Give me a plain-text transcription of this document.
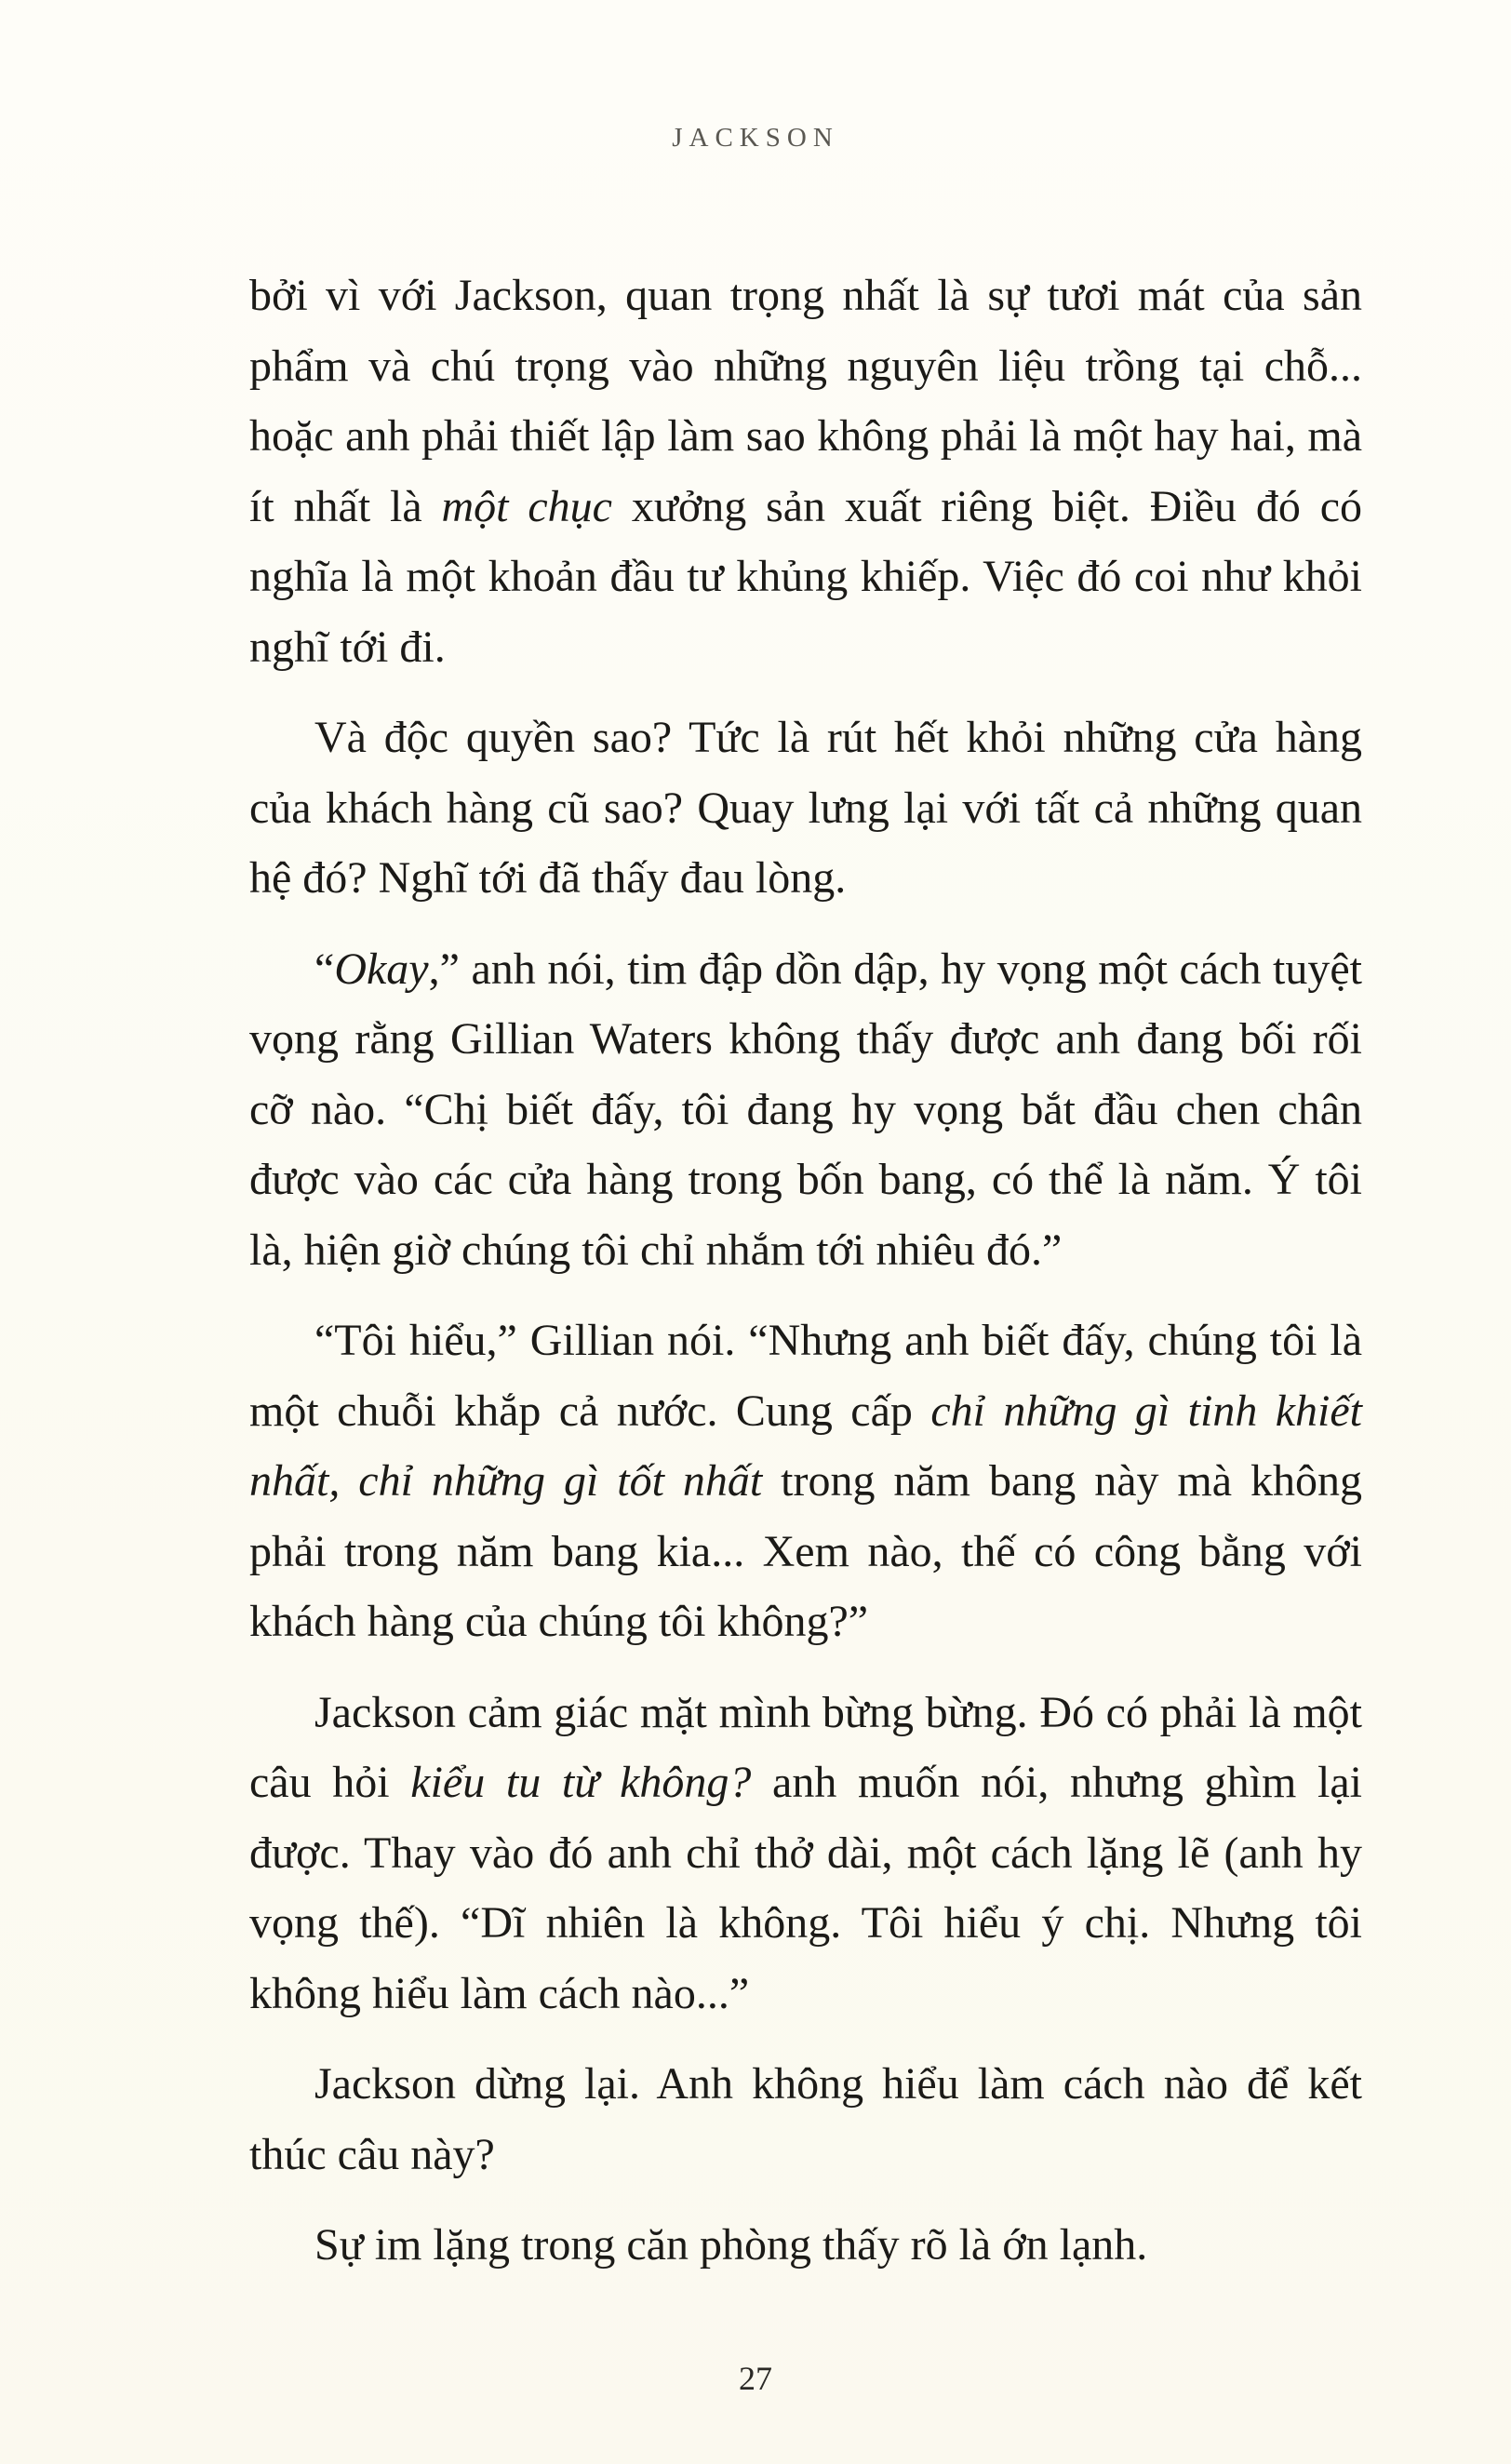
JACKSON

bởi vì với Jackson, quan trọng nhất là sự tươi mát của sản phẩm và chú trọng vào những nguyên liệu trồng tại chỗ... hoặc anh phải thiết lập làm sao không phải là một hay hai, mà ít nhất là một chục xưởng sản xuất riêng biệt. Điều đó có nghĩa là một khoản đầu tư khủng khiếp. Việc đó coi như khỏi nghĩ tới đi.

Và độc quyền sao? Tức là rút hết khỏi những cửa hàng của khách hàng cũ sao? Quay lưng lại với tất cả những quan hệ đó? Nghĩ tới đã thấy đau lòng.

“Okay,” anh nói, tim đập dồn dập, hy vọng một cách tuyệt vọng rằng Gillian Waters không thấy được anh đang bối rối cỡ nào. “Chị biết đấy, tôi đang hy vọng bắt đầu chen chân được vào các cửa hàng trong bốn bang, có thể là năm. Ý tôi là, hiện giờ chúng tôi chỉ nhắm tới nhiêu đó.”

“Tôi hiểu,” Gillian nói. “Nhưng anh biết đấy, chúng tôi là một chuỗi khắp cả nước. Cung cấp chỉ những gì tinh khiết nhất, chỉ những gì tốt nhất trong năm bang này mà không phải trong năm bang kia... Xem nào, thế có công bằng với khách hàng của chúng tôi không?”

Jackson cảm giác mặt mình bừng bừng. Đó có phải là một câu hỏi kiểu tu từ không? anh muốn nói, nhưng ghìm lại được. Thay vào đó anh chỉ thở dài, một cách lặng lẽ (anh hy vọng thế). “Dĩ nhiên là không. Tôi hiểu ý chị. Nhưng tôi không hiểu làm cách nào...”

Jackson dừng lại. Anh không hiểu làm cách nào để kết thúc câu này?

Sự im lặng trong căn phòng thấy rõ là ớn lạnh.

27
